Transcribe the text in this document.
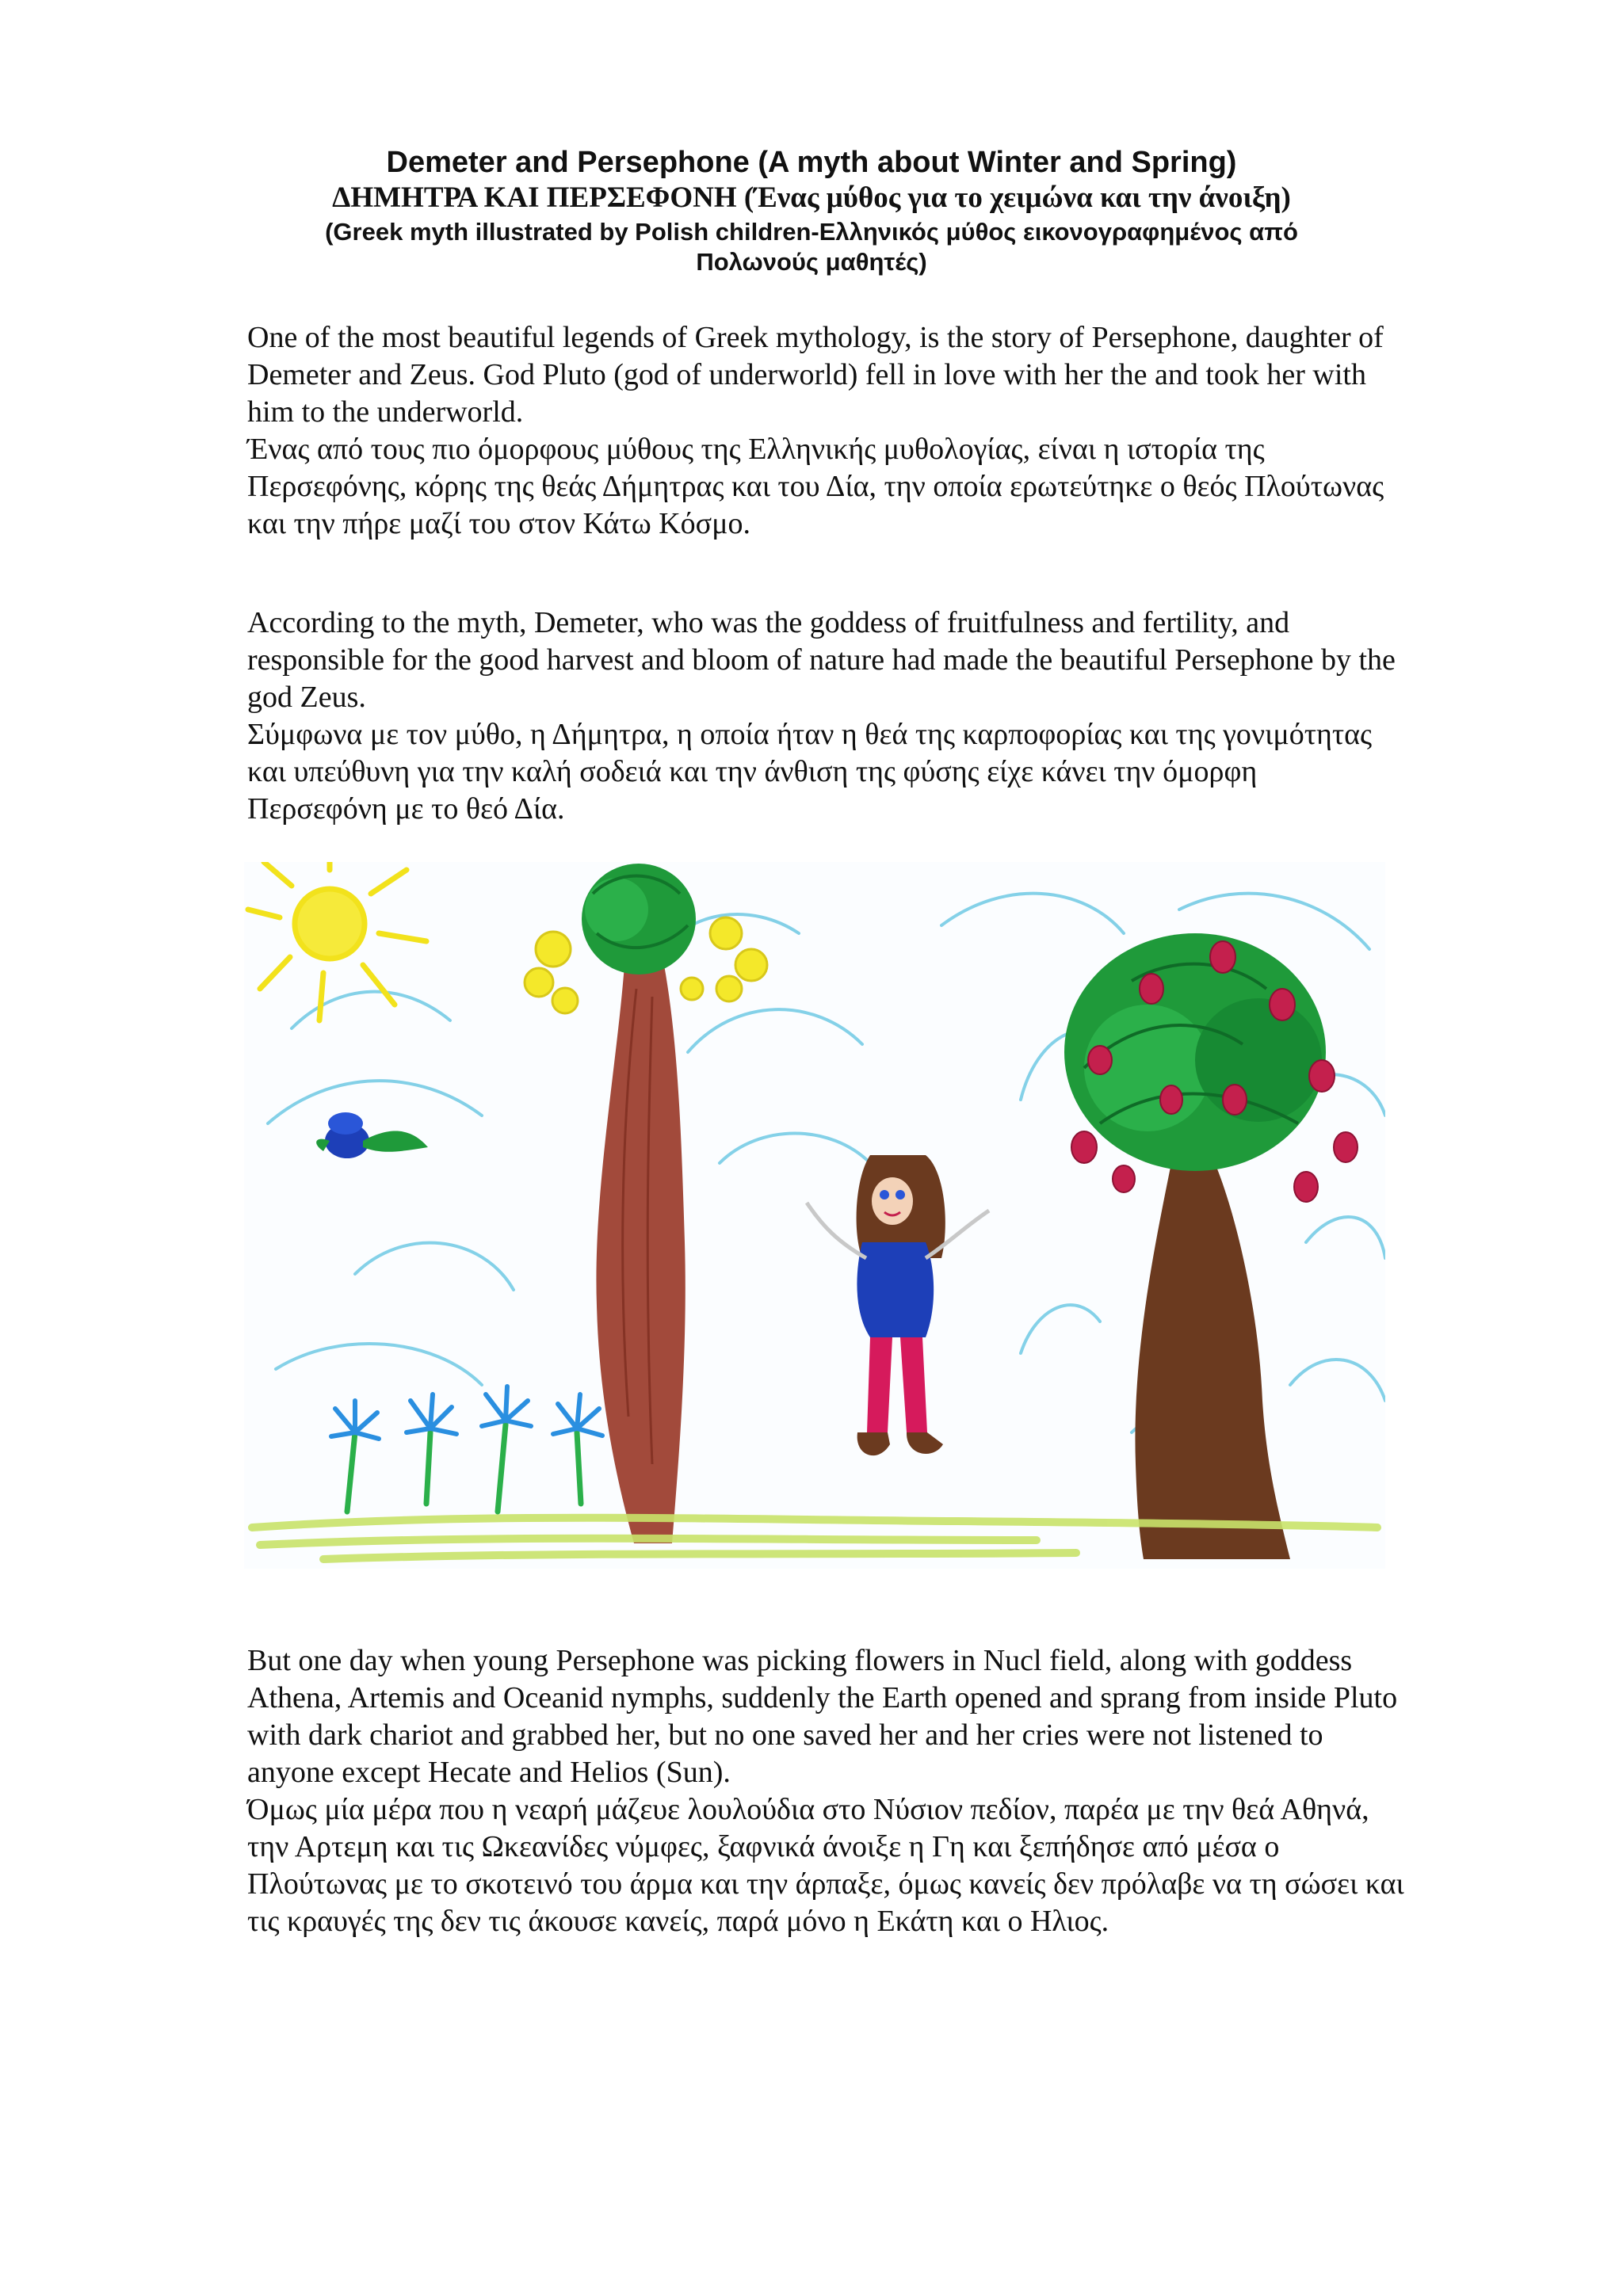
Demeter and Persephone (A myth about Winter and Spring)
ΔΗΜΗΤΡΑ ΚΑΙ ΠΕΡΣΕΦΟΝΗ (Ένας μύθος για το χειμώνα και την άνοιξη)
(Greek myth illustrated by Polish children-Ελληνικός μύθος εικονογραφημένος από
Πολωνούς μαθητές)

One of the most beautiful legends of Greek mythology, is the story of Persephone, daughter of Demeter and Zeus. God Pluto (god of underworld) fell in love with her the and took her with him to the underworld.

Ένας από τους πιο όμορφους μύθους της Ελληνικής μυθολογίας, είναι η ιστορία της Περσεφόνης, κόρης της θεάς Δήμητρας και του Δία, την οποία ερωτεύτηκε ο θεός Πλούτωνας και την πήρε μαζί του στον Κάτω Κόσμο.

According to the myth, Demeter, who was the goddess of fruitfulness and fertility, and responsible for the good harvest and bloom of nature had made the beautiful Persephone by the god Zeus.

Σύμφωνα με τον μύθο, η Δήμητρα, η οποία ήταν η θεά της καρποφορίας και της γονιμότητας και υπεύθυνη για την καλή σοδειά και την άνθιση της φύσης είχε κάνει την όμορφη Περσεφόνη με το θεό Δία.

But one day when young Persephone was picking flowers in Nucl field, along with goddess Athena, Artemis and Oceanid nymphs, suddenly the Earth opened and sprang from inside Pluto with dark chariot and grabbed her, but no one saved her and her cries were not listened to anyone except Hecate and Helios (Sun).

Όμως μία μέρα που η νεαρή μάζευε λουλούδια στο Νύσιον πεδίον, παρέα με την θεά Αθηνά, την Αρτεμη και τις Ωκεανίδες νύμφες, ξαφνικά άνοιξε η Γη και ξεπήδησε από μέσα ο Πλούτωνας με το σκοτεινό του άρμα και την άρπαξε, όμως κανείς δεν πρόλαβε να τη σώσει και τις κραυγές της δεν τις άκουσε κανείς, παρά μόνο η Εκάτη και ο Ηλιος.
